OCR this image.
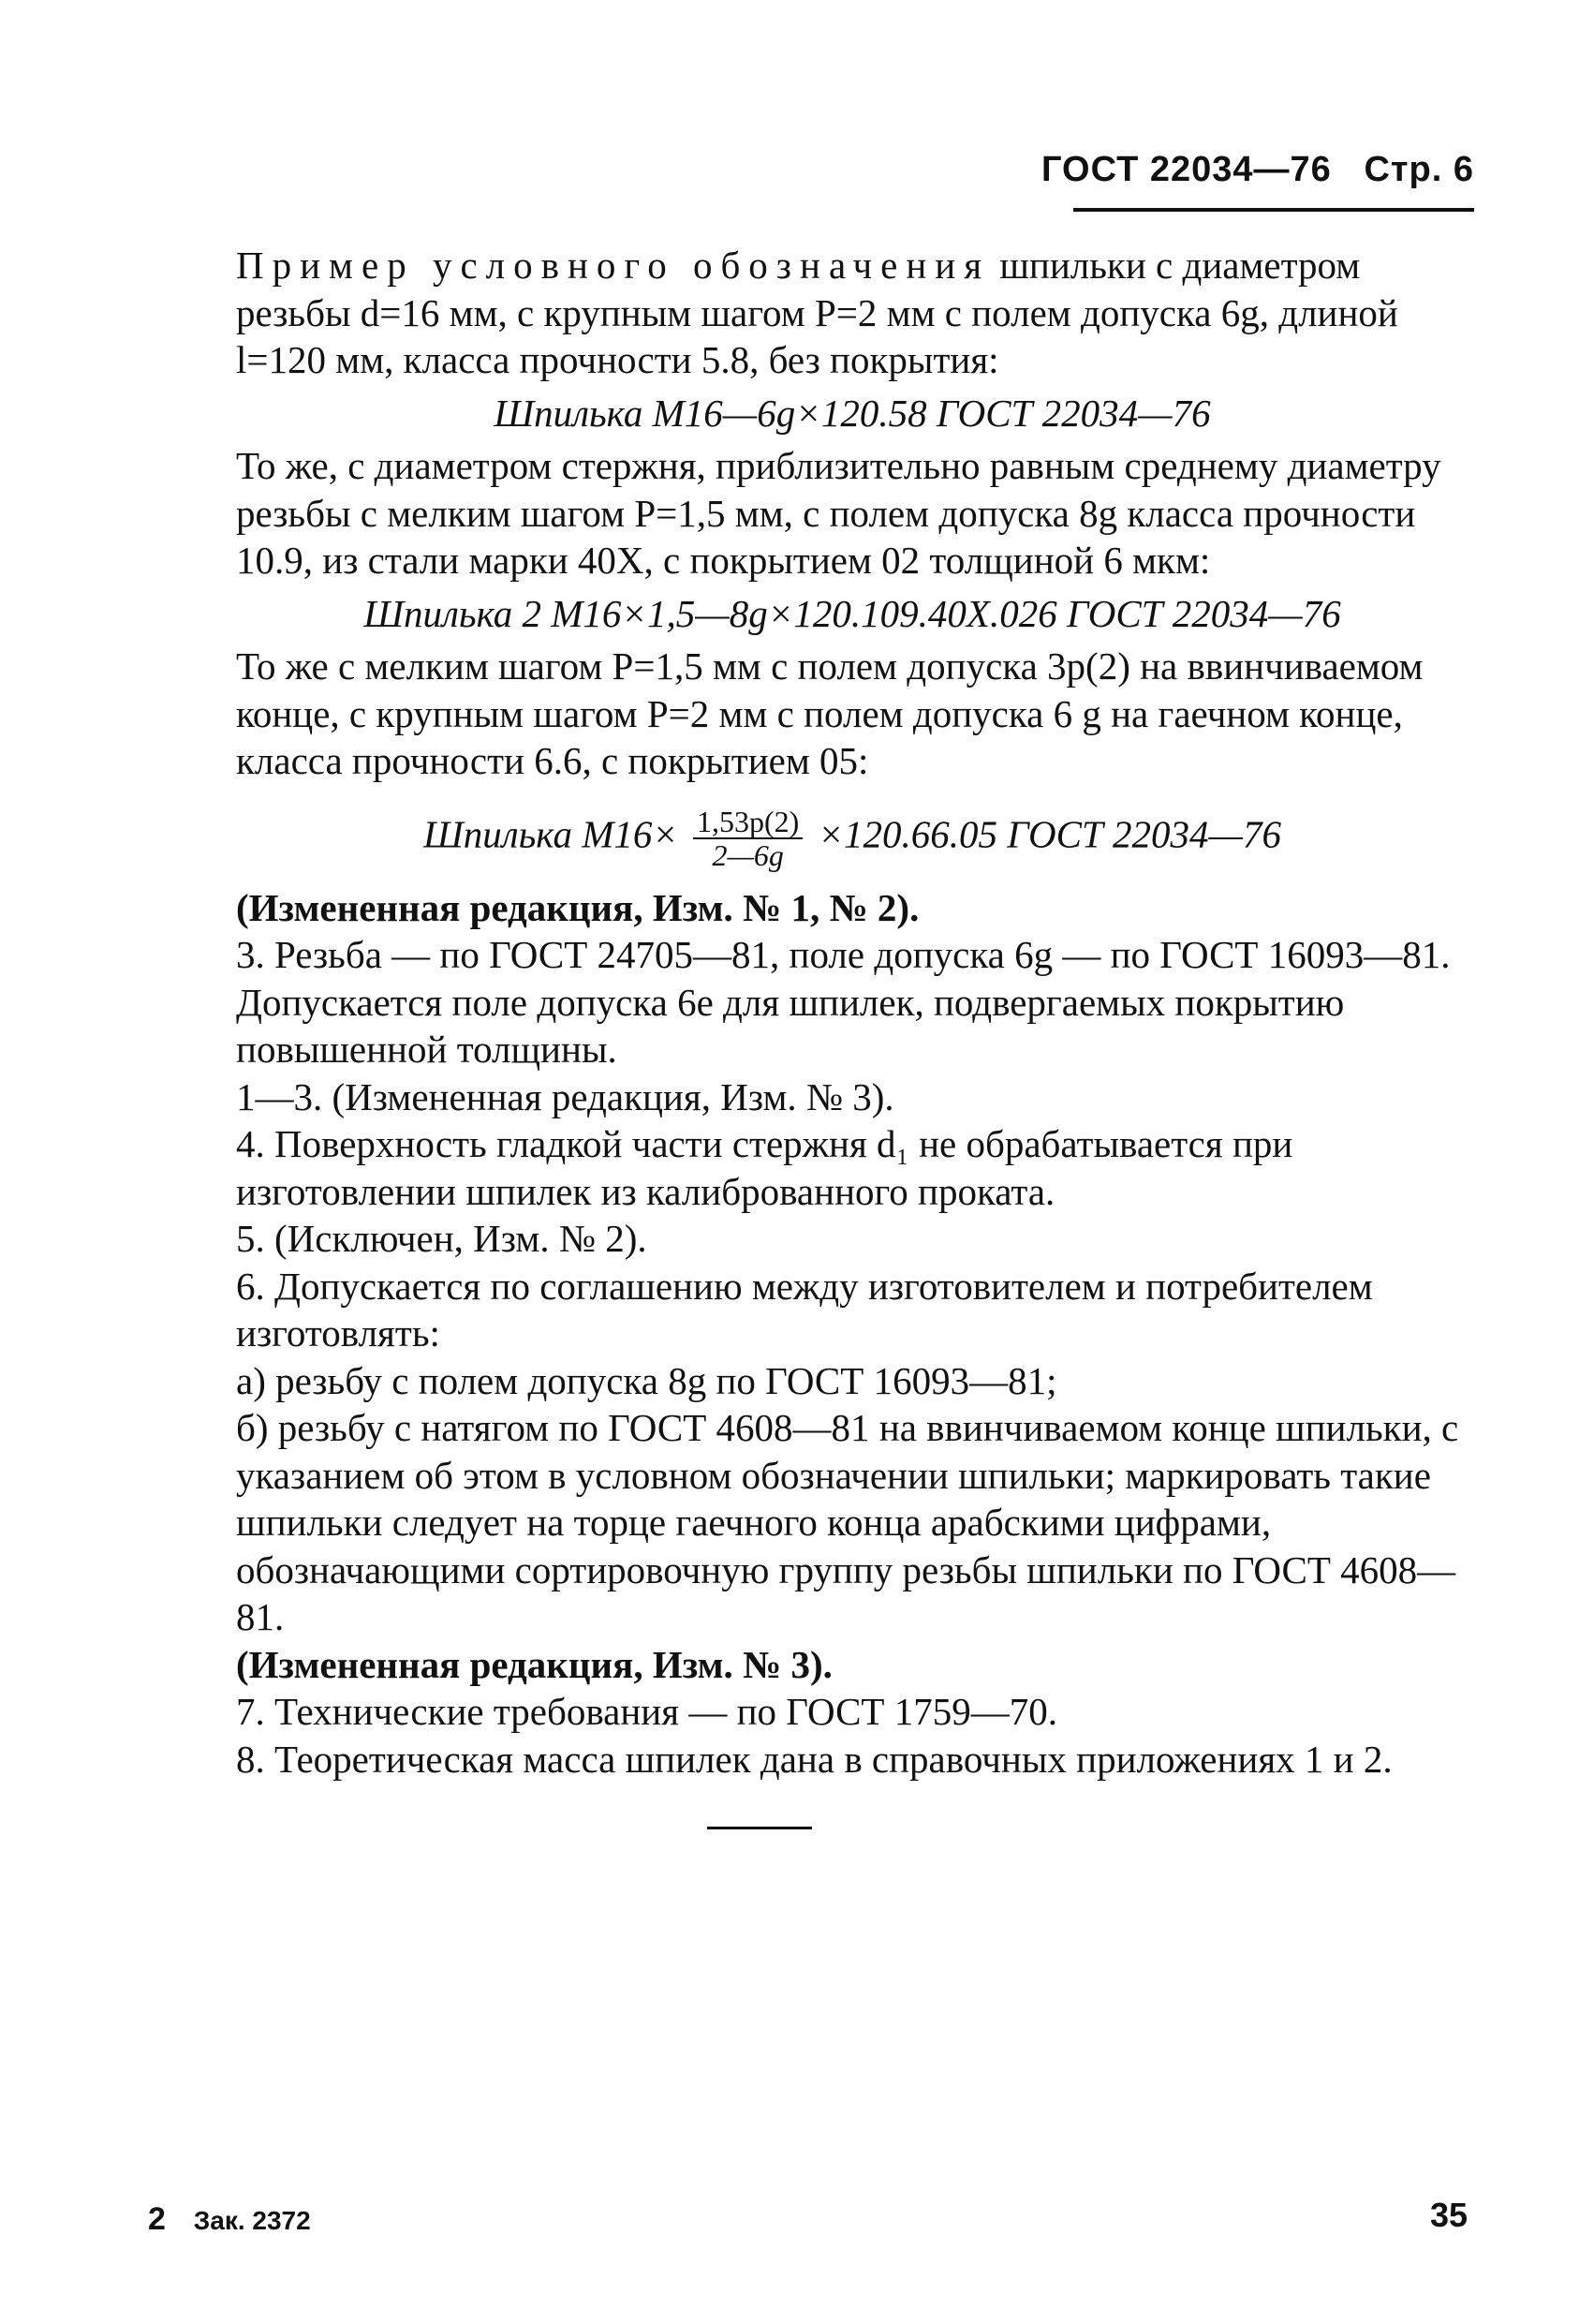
ГОСТ 22034—76 Стр. 6

Пример условного обозначения шпильки с диаметром резьбы d=16 мм, с крупным шагом P=2 мм с полем допуска 6g, длиной l=120 мм, класса прочности 5.8, без покрытия:

Шпилька М16—6g×120.58 ГОСТ 22034—76

То же, с диаметром стержня, приблизительно равным среднему диаметру резьбы с мелким шагом P=1,5 мм, с полем допуска 8g класса прочности 10.9, из стали марки 40Х, с покрытием 02 толщиной 6 мкм:

Шпилька 2 М16×1,5—8g×120.109.40Х.026 ГОСТ 22034—76

То же с мелким шагом P=1,5 мм с полем допуска 3p(2) на ввинчиваемом конце, с крупным шагом P=2 мм с полем допуска 6 g на гаечном конце, класса прочности 6.6, с покрытием 05:

Шпилька $М16\times \frac{1,53p(2)}{2—6g} \times 120.66.05$ ГОСТ 22034—76

(Измененная редакция, Изм. № 1, № 2).

3. Резьба — по ГОСТ 24705—81, поле допуска 6g — по ГОСТ 16093—81. Допускается поле допуска 6e для шпилек, подвергаемых покрытию повышенной толщины.

1—3. (Измененная редакция, Изм. № 3).

4. Поверхность гладкой части стержня d₁ не обрабатывается при изготовлении шпилек из калиброванного проката.

5. (Исключен, Изм. № 2).

6. Допускается по соглашению между изготовителем и потребителем изготовлять:

а) резьбу с полем допуска 8g по ГОСТ 16093—81;

б) резьбу с натягом по ГОСТ 4608—81 на ввинчиваемом конце шпильки, с указанием об этом в условном обозначении шпильки; маркировать такие шпильки следует на торце гаечного конца арабскими цифрами, обозначающими сортировочную группу резьбы шпильки по ГОСТ 4608—81.

(Измененная редакция, Изм. № 3).

7. Технические требования — по ГОСТ 1759—70.

8. Теоретическая масса шпилек дана в справочных приложениях 1 и 2.

2 Зак. 2372	35
